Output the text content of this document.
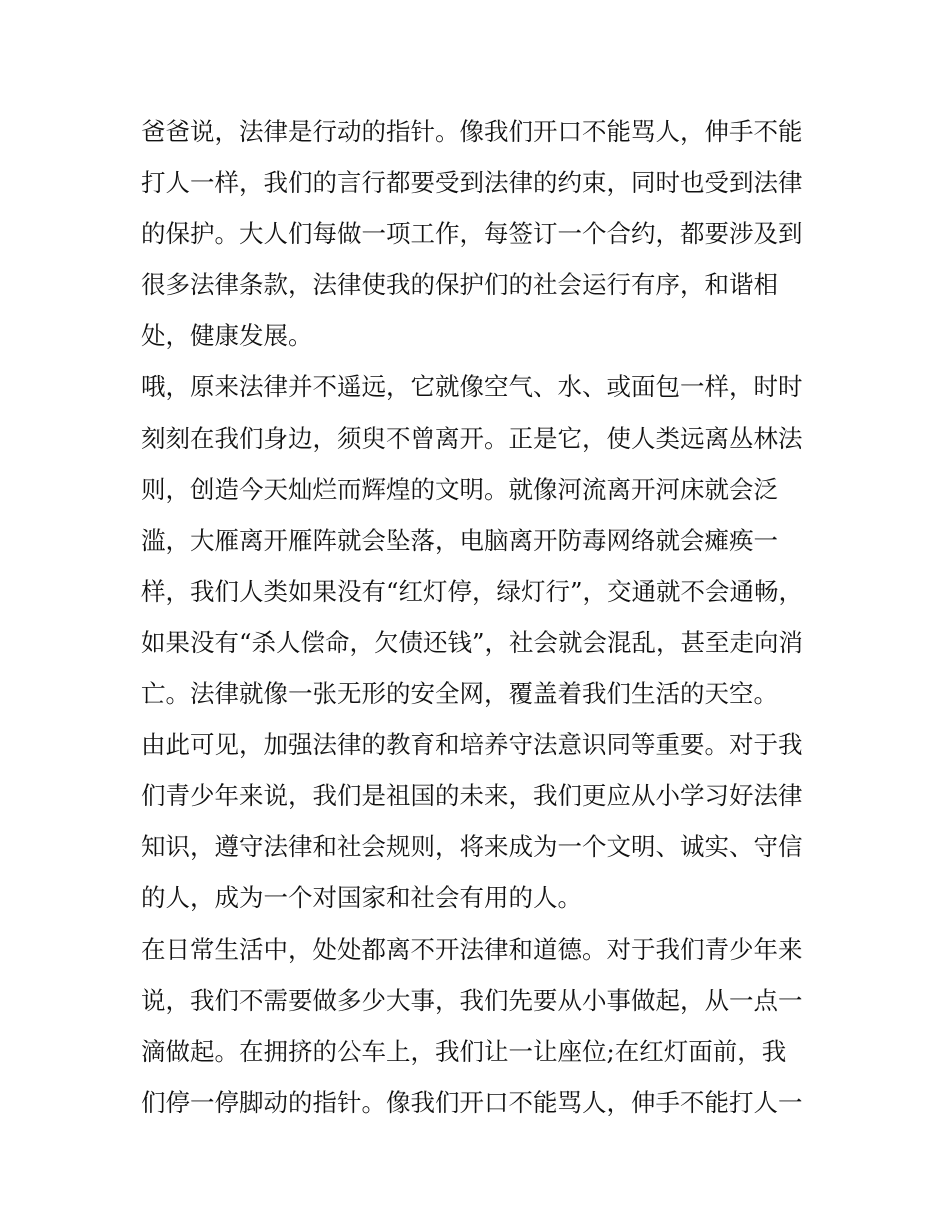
爸爸说，法律是行动的指针。像我们开口不能骂人，伸手不能
打人一样，我们的言行都要受到法律的约束，同时也受到法律
的保护。大人们每做一项工作，每签订一个合约，都要涉及到
很多法律条款，法律使我的保护们的社会运行有序，和谐相
处，健康发展。
哦，原来法律并不遥远，它就像空气、水、或面包一样，时时
刻刻在我们身边，须臾不曾离开。正是它，使人类远离丛林法
则，创造今天灿烂而辉煌的文明。就像河流离开河床就会泛
滥，大雁离开雁阵就会坠落，电脑离开防毒网络就会瘫痪一
样，我们人类如果没有“红灯停，绿灯行”，交通就不会通畅，
如果没有“杀人偿命，欠债还钱”，社会就会混乱，甚至走向消
亡。法律就像一张无形的安全网，覆盖着我们生活的天空。
由此可见，加强法律的教育和培养守法意识同等重要。对于我
们青少年来说，我们是祖国的未来，我们更应从小学习好法律
知识，遵守法律和社会规则，将来成为一个文明、诚实、守信
的人，成为一个对国家和社会有用的人。
在日常生活中，处处都离不开法律和道德。对于我们青少年来
说，我们不需要做多少大事，我们先要从小事做起，从一点一
滴做起。在拥挤的公车上，我们让一让座位;在红灯面前，我
们停一停脚动的指针。像我们开口不能骂人，伸手不能打人一
